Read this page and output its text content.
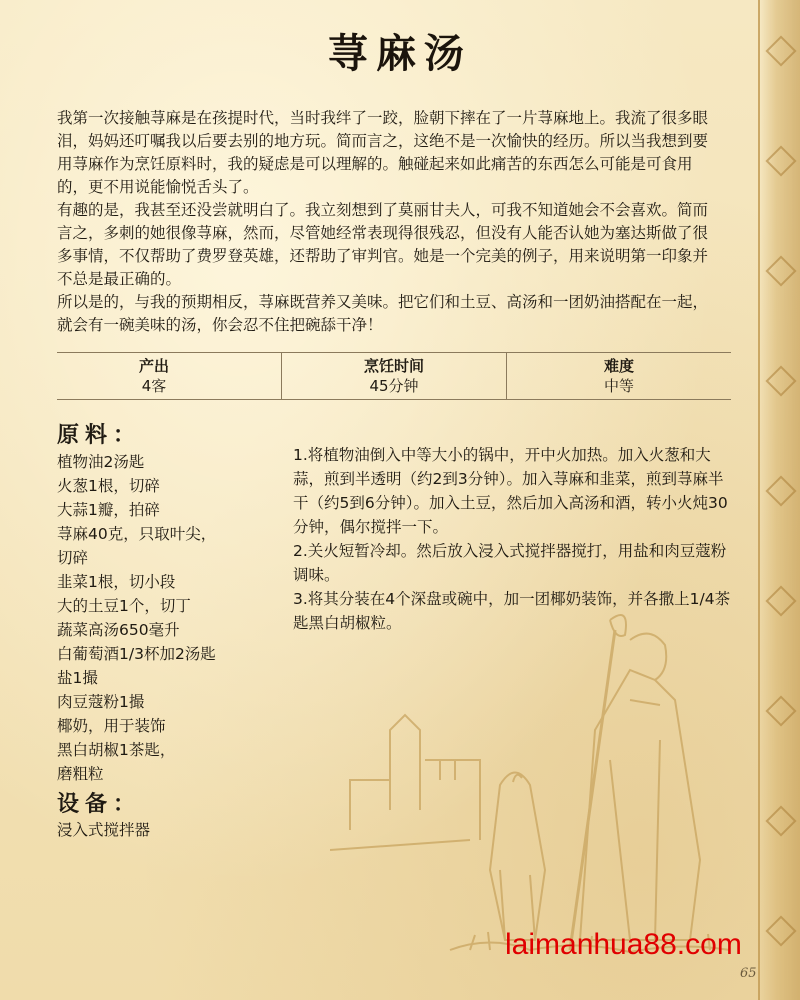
荨麻汤

我第一次接触荨麻是在孩提时代，当时我绊了一跤，脸朝下摔在了一片荨麻地上。我流了很多眼泪，妈妈还叮嘱我以后要去别的地方玩。简而言之，这绝不是一次愉快的经历。所以当我想到要用荨麻作为烹饪原料时，我的疑虑是可以理解的。触碰起来如此痛苦的东西怎么可能是可食用的，更不用说能愉悦舌头了。

有趣的是，我甚至还没尝就明白了。我立刻想到了莫丽甘夫人，可我不知道她会不会喜欢。简而言之，多刺的她很像荨麻，然而，尽管她经常表现得很残忍，但没有人能否认她为塞达斯做了很多事情，不仅帮助了费罗登英雄，还帮助了审判官。她是一个完美的例子，用来说明第一印象并不总是最正确的。

所以是的，与我的预期相反，荨麻既营养又美味。把它们和土豆、高汤和一团奶油搭配在一起，就会有一碗美味的汤，你会忍不住把碗舔干净！

产出
4客
烹饪时间
45分钟
难度
中等
原料：
植物油2汤匙
火葱1根，切碎
大蒜1瓣，拍碎
荨麻40克，只取叶尖，
切碎
韭菜1根，切小段
大的土豆1个，切丁
蔬菜高汤650毫升
白葡萄酒1/3杯加2汤匙
盐1撮
肉豆蔻粉1撮
椰奶，用于装饰
黑白胡椒1茶匙，
磨粗粒

1.将植物油倒入中等大小的锅中，开中火加热。加入火葱和大蒜，煎到半透明（约2到3分钟）。加入荨麻和韭菜，煎到荨麻半干（约5到6分钟）。加入土豆，然后加入高汤和酒，转小火炖30分钟，偶尔搅拌一下。

2.关火短暂冷却。然后放入浸入式搅拌器搅打，用盐和肉豆蔻粉调味。

3.将其分装在4个深盘或碗中，加一团椰奶装饰，并各撒上1/4茶匙黑白胡椒粒。

设备：
浸入式搅拌器
laimanhua88.com
65
